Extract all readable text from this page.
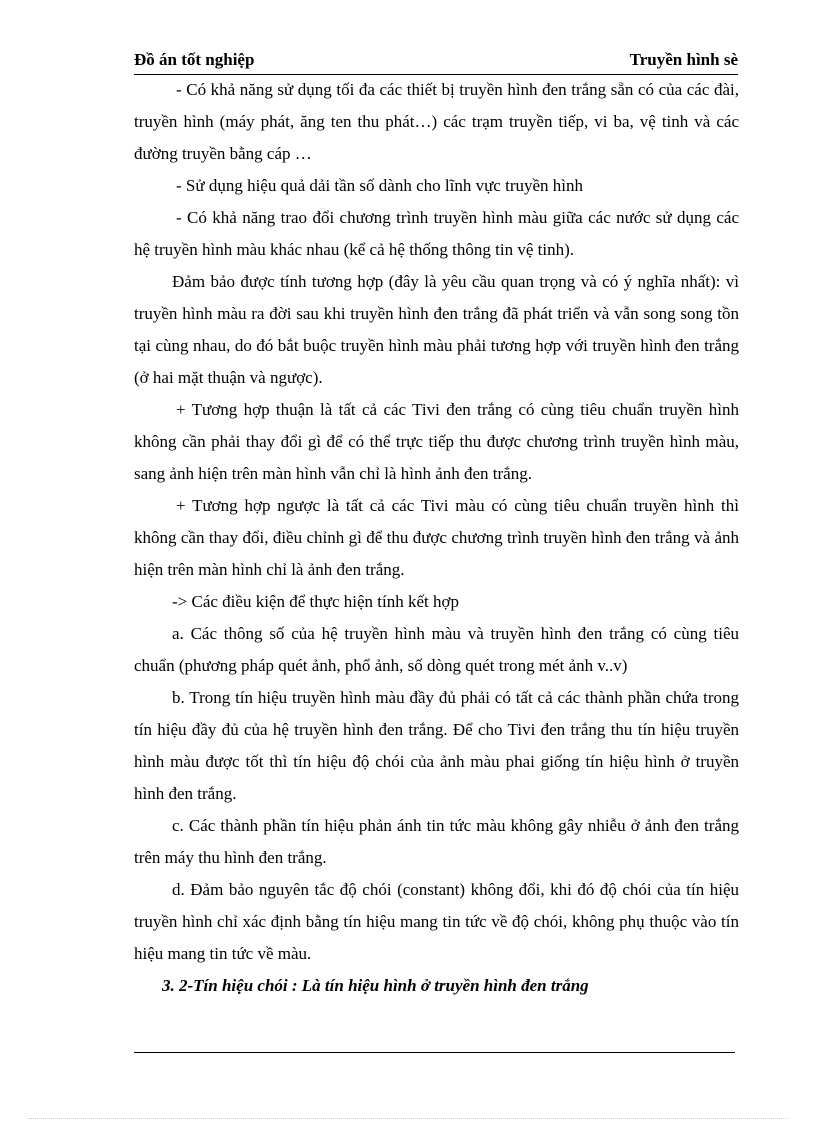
Đồ án tốt nghiệp	Truyền hình sè

- Có khả năng sử dụng tối đa các thiết bị truyền hình đen trắng sẵn có của các đài, truyền hình (máy phát, ăng ten thu phát…) các trạm truyền tiếp, vi ba, vệ tinh và các đường truyền bằng cáp …

- Sử dụng hiệu quả dải tần số dành cho lĩnh vực truyền hình

- Có khả năng trao đổi chương trình truyền hình màu giữa các nước sử dụng các hệ truyền hình màu khác nhau (kể cả hệ thống thông tin vệ tinh).

Đảm bảo được tính tương hợp (đây là yêu cầu quan trọng và có ý nghĩa nhất): vì truyền hình màu ra đời sau khi truyền hình đen trắng đã phát triển và vẫn song song tồn tại cùng nhau, do đó bắt buộc truyền hình màu phải tương hợp với truyền hình đen trắng (ở hai mặt thuận và ngược).

+ Tương hợp thuận là tất cả các Tivi đen trắng có cùng tiêu chuẩn truyền hình không cần phải thay đổi gì để có thể trực tiếp thu được chương trình truyền hình màu, sang ảnh hiện trên màn hình vẫn chỉ là hình ảnh đen trắng.

+ Tương hợp ngược là tất cả các Tivi màu có cùng tiêu chuẩn truyền hình thì không cần thay đổi, điều chỉnh gì để thu được chương trình truyền hình đen trắng và ảnh hiện trên màn hình chỉ là ảnh đen trắng.

-> Các điều kiện để thực hiện tính kết hợp

a. Các thông số của hệ truyền hình màu và truyền hình đen trắng có cùng tiêu chuẩn (phương pháp quét ảnh, phổ ảnh, số dòng quét trong mét ảnh v..v)

b. Trong tín hiệu truyền hình màu đầy đủ phải có tất cả các thành phần chứa trong tín hiệu đầy đủ của hệ truyền hình đen trắng. Để cho Tivi đen trắng thu tín hiệu truyền hình màu được tốt thì tín hiệu độ chói của ảnh màu phai giống tín hiệu hình ở truyền hình đen trắng.

c. Các thành phần tín hiệu phản ánh tin tức màu không gây nhiễu ở ảnh đen trắng trên máy thu hình đen trắng.

d. Đảm bảo nguyên tắc độ chói (constant) không đổi, khi đó độ chói của tín hiệu truyền hình chỉ xác định bằng tín hiệu mang tin tức về độ chói, không phụ thuộc vào tín hiệu mang tin tức về màu.

3. 2-Tín hiệu chói : Là tín hiệu hình ở truyền hình đen trắng
